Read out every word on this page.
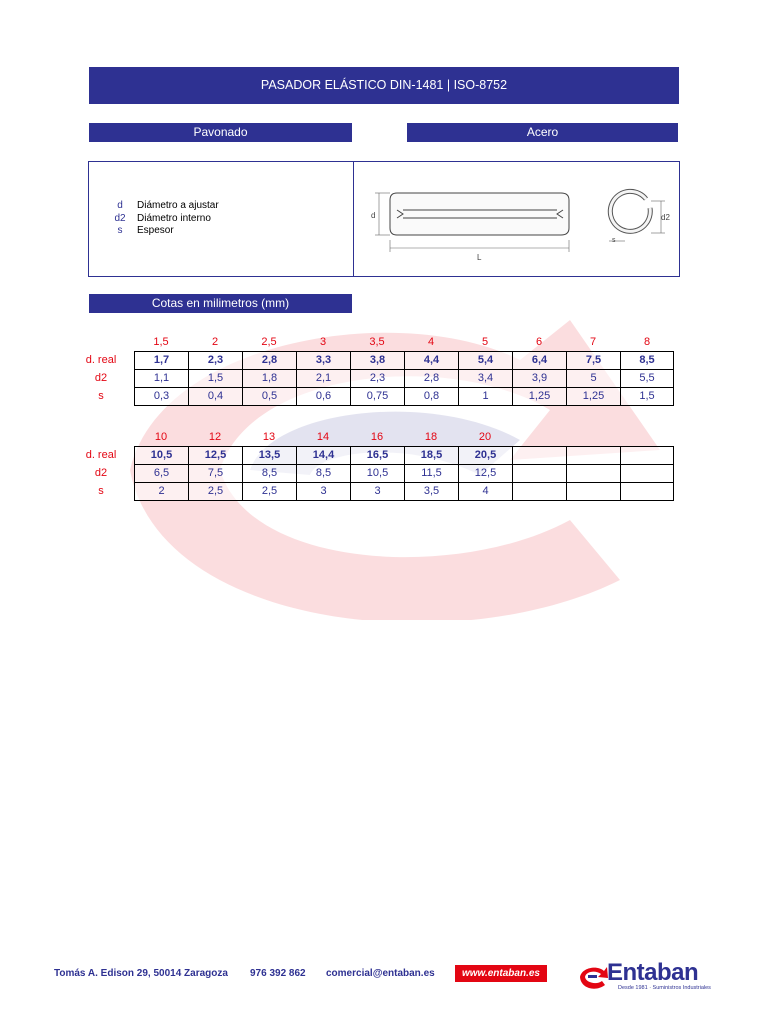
PASADOR ELÁSTICO DIN-1481 | ISO-8752
Pavonado	Acero
d Diámetro a ajustar
d2 Diámetro interno
s Espesor
d
L
d2
s
Cotas en milimetros (mm)
1,5	2	2,5	3	3,5	4	5	6	7	8
d. real	1,7	2,3	2,8	3,3	3,8	4,4	5,4	6,4	7,5	8,5
d2	1,1	1,5	1,8	2,1	2,3	2,8	3,4	3,9	5	5,5
s	0,3	0,4	0,5	0,6	0,75	0,8	1	1,25	1,25	1,5
10	12	13	14	16	18	20
d. real	10,5	12,5	13,5	14,4	16,5	18,5	20,5
d2	6,5	7,5	8,5	8,5	10,5	11,5	12,5
s	2	2,5	2,5	3	3	3,5	4
Tomás A. Edison 29, 50014 Zaragoza 976 392 862 comercial@entaban.es	www.entaban.es	Entaban
Desde 1981 · Suministros Industriales
